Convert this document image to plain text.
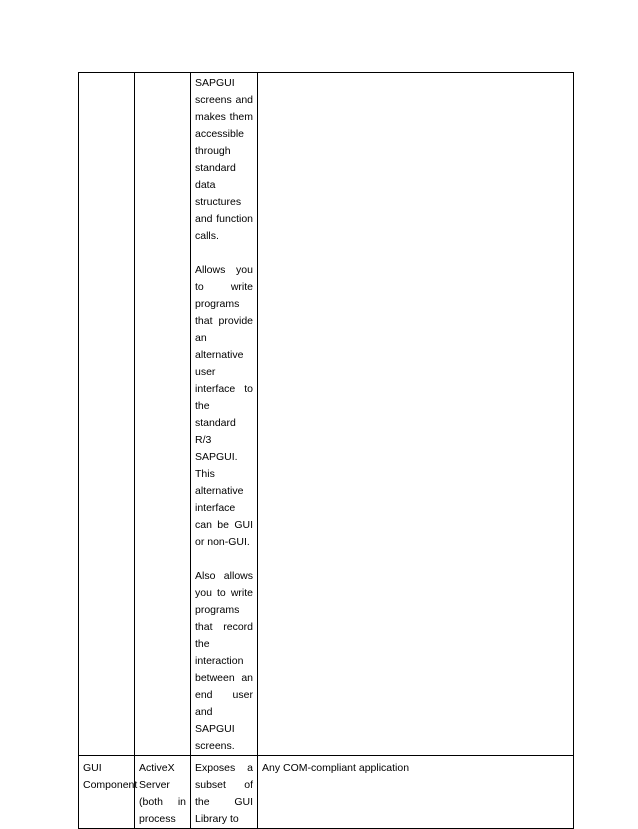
		SAPGUI screens and makes them accessible through standard data structures and function calls.
Allows you to write programs that provide an alternative user interface to the standard R/3 SAPGUI. This alternative interface can be GUI or non-GUI.
Also allows you to write programs that record the interaction between an end user and SAPGUI screens.	

GUI Component	ActiveX Server (both in process	Exposes a subset of the GUI Library to	Any COM-compliant application
